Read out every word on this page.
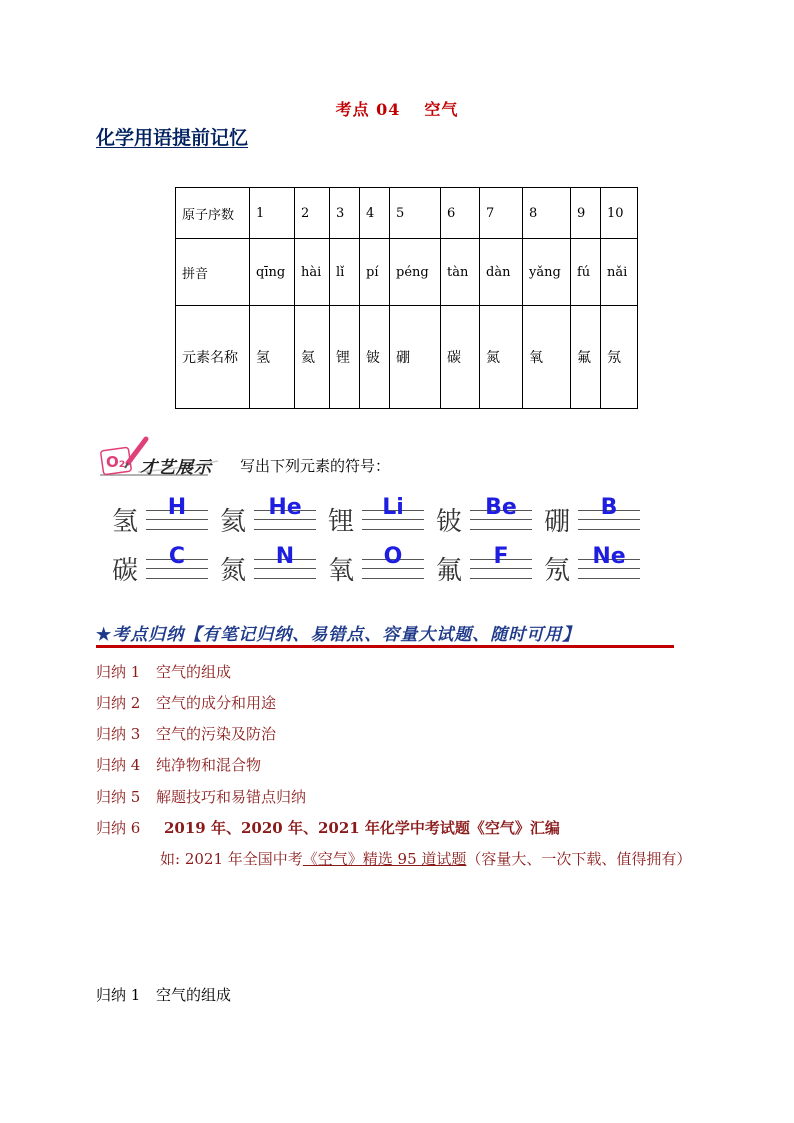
考点 04 空气
化学用语提前记忆
原子序数	1	2	3	4	5	6	7	8	9	10
拼音	qīng	hài	lǐ	pí	péng	tàn	dàn	yǎng	fú	nǎi
元素名称	氢	氦	锂	铍	硼	碳	氮	氧	氟	氖
O₂ 才艺展示 写出下列元素的符号：
氢	H	氦	He	锂	Li	铍	Be	硼	B
碳	C	氮	N	氧	O	氟	F	氖	Ne
★考点归纳【有笔记归纳、易错点、容量大试题、随时可用】
归纳 1 空气的组成
归纳 2 空气的成分和用途
归纳 3 空气的污染及防治
归纳 4 纯净物和混合物
归纳 5 解题技巧和易错点归纳
归纳 6 2019 年、2020 年、2021 年化学中考试题《空气》汇编
如: 2021 年全国中考《空气》精选 95 道试题（容量大、一次下载、值得拥有）
归纳 1 空气的组成
